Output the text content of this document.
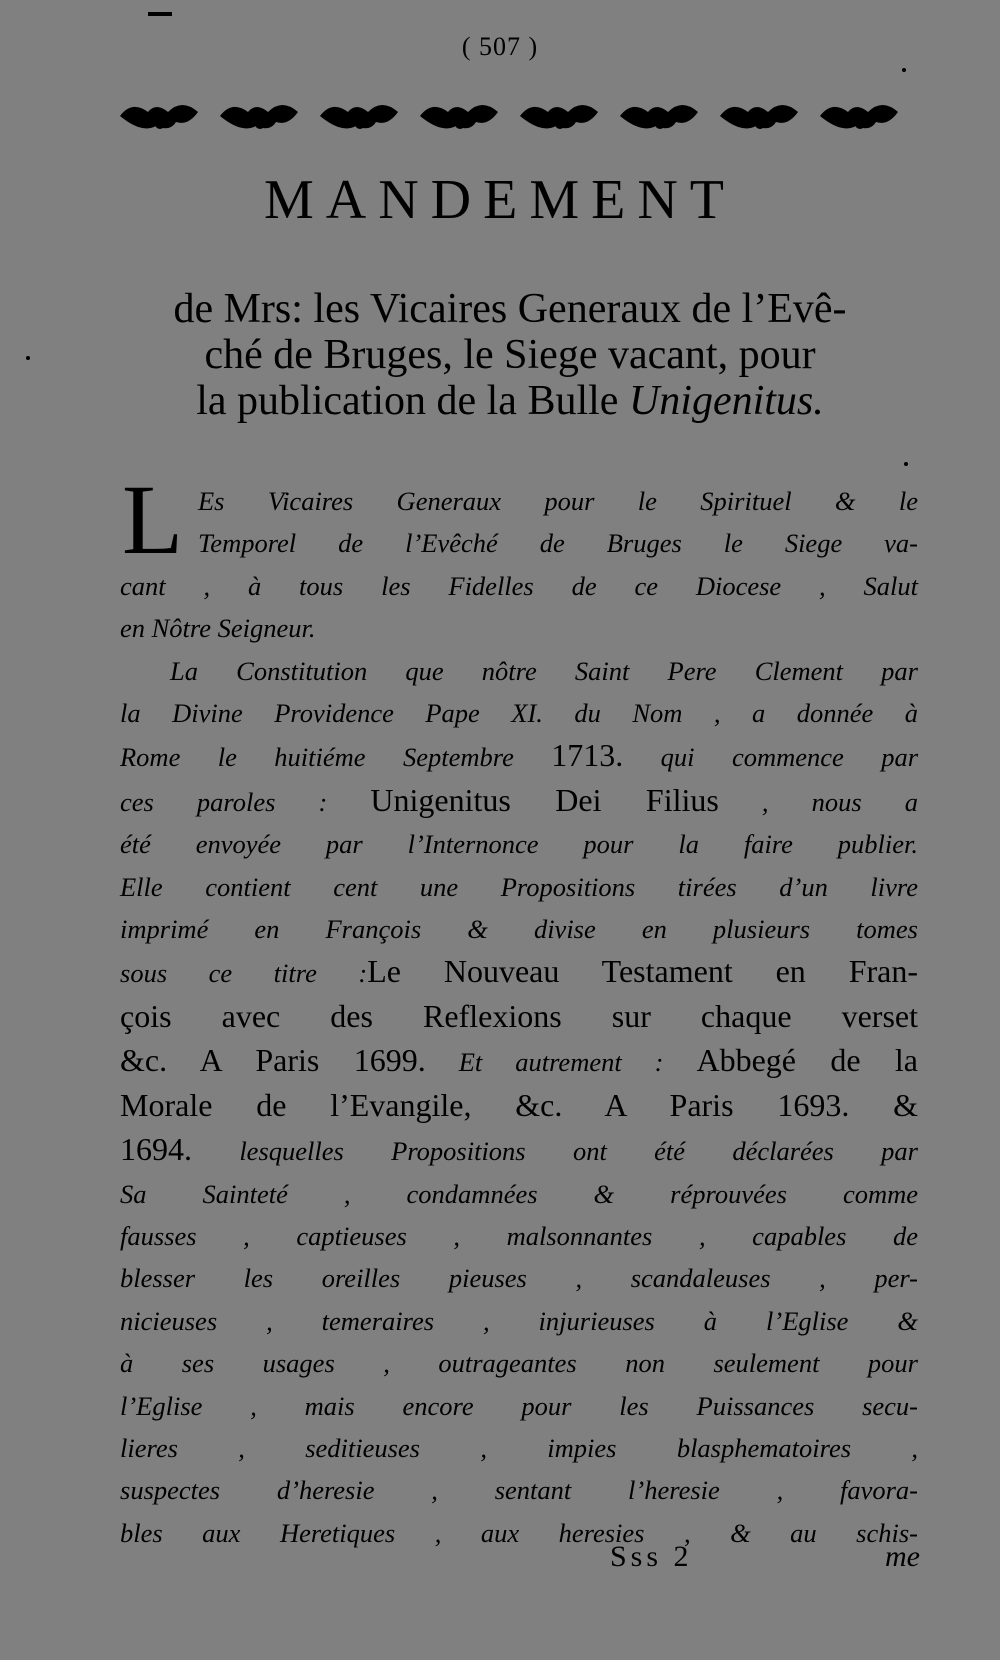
( 507 )
MANDEMENT
de Mrs: les Vicaires Generaux de l’Evê-
ché de Bruges, le Siege vacant, pour
la publication de la Bulle Unigenitus.
L Es Vicaires Generaux pour le Spirituel & le
Temporel de l’Evêché de Bruges le Siege va-
cant , à tous les Fidelles de ce Diocese , Salut
en Nôtre Seigneur.
La Constitution que nôtre Saint Pere Clement par
la Divine Providence Pape XI. du Nom , a donnée à
Rome le huitiéme Septembre 1713. qui commence par
ces paroles : Unigenitus Dei Filius , nous a
été envoyée par l’Internonce pour la faire publier.
Elle contient cent une Propositions tirées d’un livre
imprimé en François & divise en plusieurs tomes
sous ce titre :Le Nouveau Testament en Fran-
çois avec des Reflexions sur chaque verset
&c. A Paris 1699. Et autrement : Abbegé de la
Morale de l’Evangile, &c. A Paris 1693. &
1694. lesquelles Propositions ont été déclarées par
Sa Sainteté , condamnées & réprouvées comme
fausses , captieuses , malsonnantes , capables de
blesser les oreilles pieuses , scandaleuses , per-
nicieuses , temeraires , injurieuses à l’Eglise &
à ses usages , outrageantes non seulement pour
l’Eglise , mais encore pour les Puissances secu-
lieres , seditieuses , impies blasphematoires ,
suspectes d’heresie , sentant l’heresie , favora-
bles aux Heretiques , aux heresies , & au schis-
Sss 2	me
